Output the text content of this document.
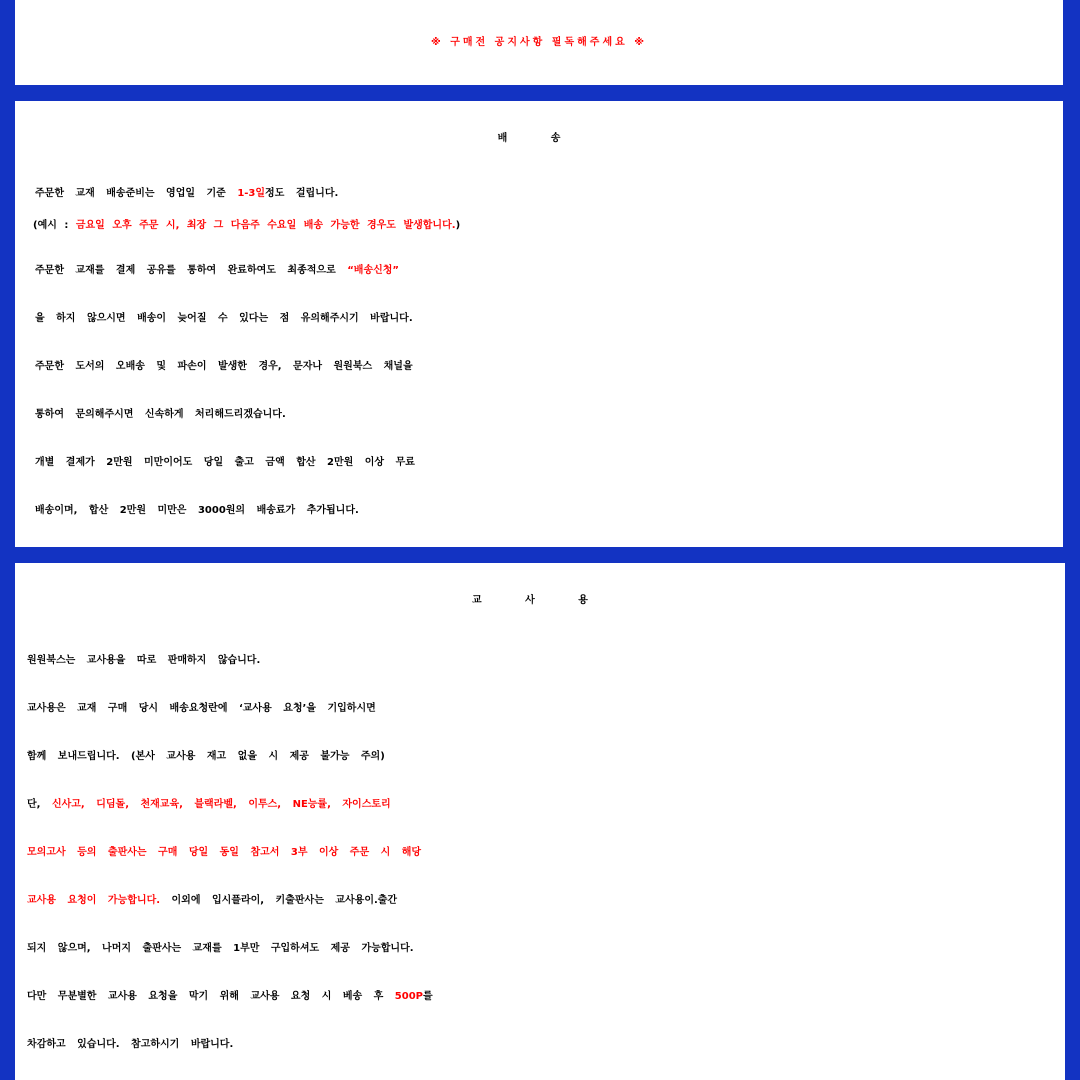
※ 구매전 공지사항 필독해주세요 ※
배 송
주문한 교재 배송준비는 영업일 기준 1-3일정도 걸립니다.
(예시 : 금요일 오후 주문 시, 최장 그 다음주 수요일 배송 가능한 경우도 발생합니다.)
주문한 교재를 결제 공유를 통하여 완료하여도 최종적으로 “배송신청”
을 하지 않으시면 배송이 늦어질 수 있다는 점 유의해주시기 바랍니다.
주문한 도서의 오배송 및 파손이 발생한 경우, 문자나 원원북스 채널을
통하여 문의해주시면 신속하게 처리해드리겠습니다.
개별 결제가 2만원 미만이어도 당일 출고 금액 합산 2만원 이상 무료
배송이며, 합산 2만원 미만은 3000원의 배송료가 추가됩니다.
교 사 용
원원북스는 교사용을 따로 판매하지 않습니다.
교사용은 교재 구매 당시 배송요청란에 ‘교사용 요청’을 기입하시면
함께 보내드립니다. (본사 교사용 재고 없을 시 제공 불가능 주의)
단, 신사고, 디딤돌, 천재교육, 블랙라벨, 이투스, NE능률, 자이스토리
모의고사 등의 출판사는 구매 당일 동일 참고서 3부 이상 주문 시 해당
교사용 요청이 가능합니다. 이외에 입시플라이, 키출판사는 교사용이.출간
되지 않으며, 나머지 출판사는 교재를 1부만 구입하셔도 제공 가능합니다.
다만 무분별한 교사용 요청을 막기 위해 교사용 요청 시 베송 후 500P를
차감하고 있습니다. 참고하시기 바랍니다.
